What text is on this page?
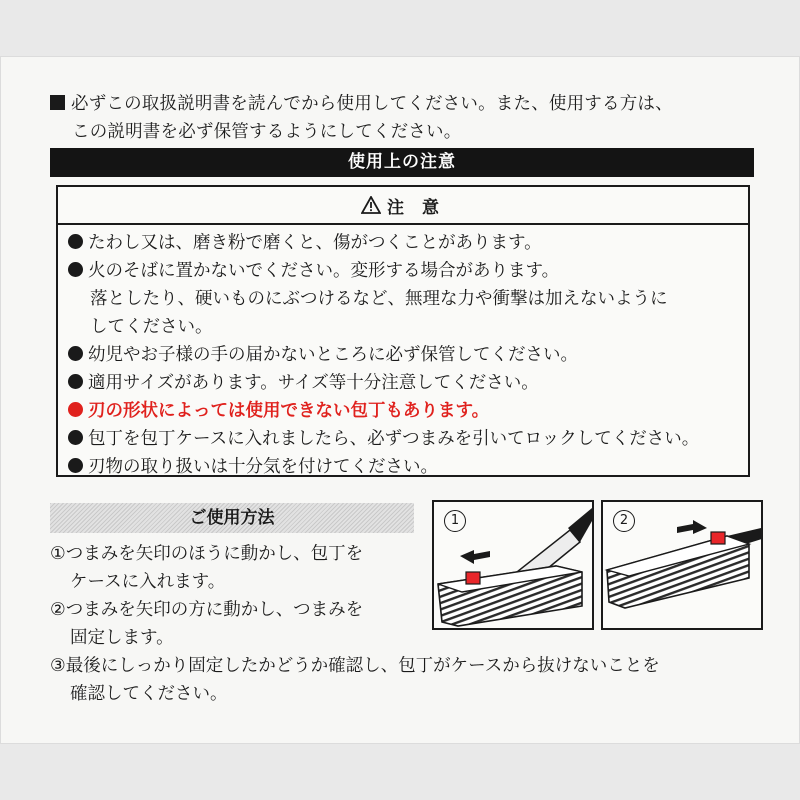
必ずこの取扱説明書を読んでから使用してください。また、使用する方は、
この説明書を必ず保管するようにしてください。
使用上の注意
注 意
たわし又は、磨き粉で磨くと、傷がつくことがあります。
火のそばに置かないでください。変形する場合があります。
落としたり、硬いものにぶつけるなど、無理な力や衝撃は加えないように
してください。
幼児やお子様の手の届かないところに必ず保管してください。
適用サイズがあります。サイズ等十分注意してください。
刃の形状によっては使用できない包丁もあります。
包丁を包丁ケースに入れましたら、必ずつまみを引いてロックしてください。
刃物の取り扱いは十分気を付けてください。
ご使用方法
①つまみを矢印のほうに動かし、包丁を
ケースに入れます。
②つまみを矢印の方に動かし、つまみを
固定します。
③最後にしっかり固定したかどうか確認し、包丁がケースから抜けないことを
確認してください。
1	2
